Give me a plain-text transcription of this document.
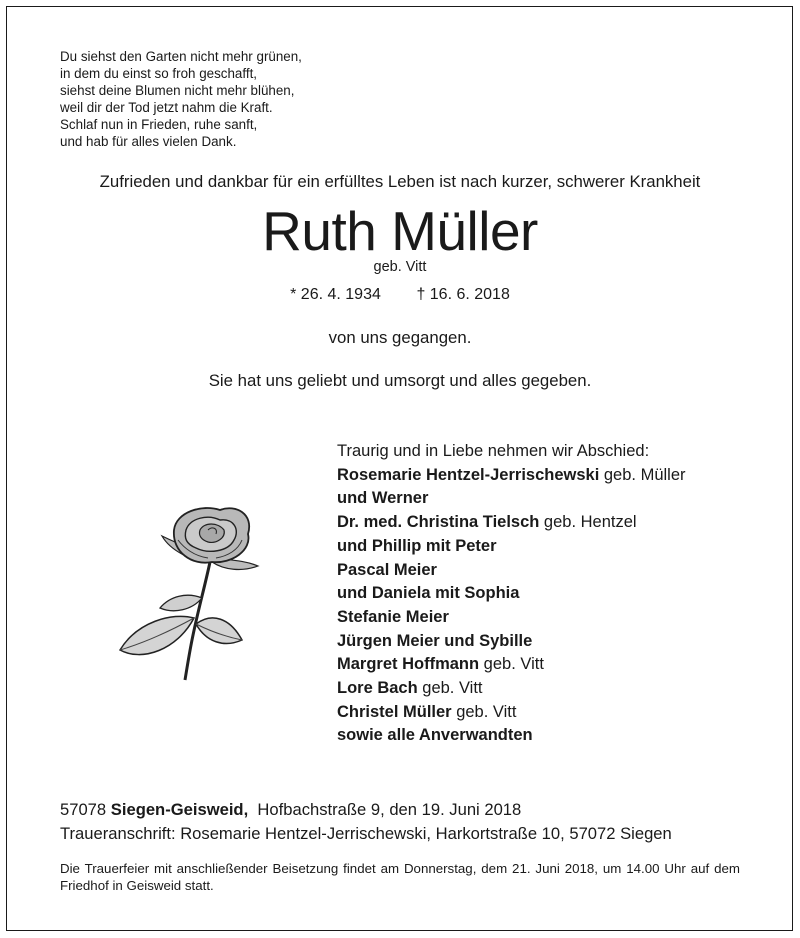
Du siehst den Garten nicht mehr grünen,
in dem du einst so froh geschafft,
siehst deine Blumen nicht mehr blühen,
weil dir der Tod jetzt nahm die Kraft.
Schlaf nun in Frieden, ruhe sanft,
und hab für alles vielen Dank.
Zufrieden und dankbar für ein erfülltes Leben ist nach kurzer, schwerer Krankheit
Ruth Müller
geb. Vitt
* 26. 4. 1934 † 16. 6. 2018
von uns gegangen.
Sie hat uns geliebt und umsorgt und alles gegeben.
Traurig und in Liebe nehmen wir Abschied:
Rosemarie Hentzel-Jerrischewski geb. Müller
und Werner
Dr. med. Christina Tielsch geb. Hentzel
und Phillip mit Peter
Pascal Meier
und Daniela mit Sophia
Stefanie Meier
Jürgen Meier und Sybille
Margret Hoffmann geb. Vitt
Lore Bach geb. Vitt
Christel Müller geb. Vitt
sowie alle Anverwandten
57078 Siegen-Geisweid, Hofbachstraße 9, den 19. Juni 2018
Traueranschrift: Rosemarie Hentzel-Jerrischewski, Harkortstraße 10, 57072 Siegen
Die Trauerfeier mit anschließender Beisetzung findet am Donnerstag, dem 21. Juni 2018, um 14.00 Uhr auf dem Friedhof in Geisweid statt.
